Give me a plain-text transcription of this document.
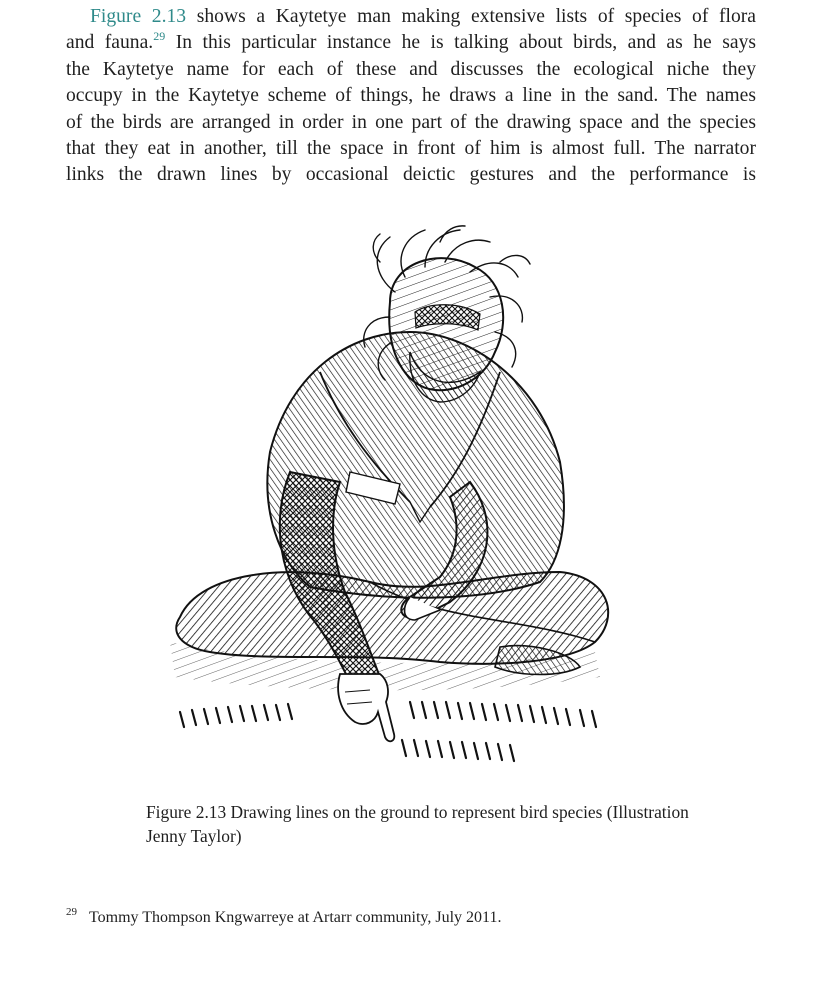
Figure 2.13 shows a Kaytetye man making extensive lists of species of flora
and fauna.$^{29}$ In this particular instance he is talking about birds, and as he says
the Kaytetye name for each of these and discusses the ecological niche they
occupy in the Kaytetye scheme of things, he draws a line in the sand. The names
of the birds are arranged in order in one part of the drawing space and the species
that they eat in another, till the space in front of him is almost full. The narrator
links the drawn lines by occasional deictic gestures and the performance is
Figure 2.13 Drawing lines on the ground to represent bird species (Illustration
Jenny Taylor)
$^{29}$ Tommy Thompson Kngwarreye at Artarr community, July 2011.
